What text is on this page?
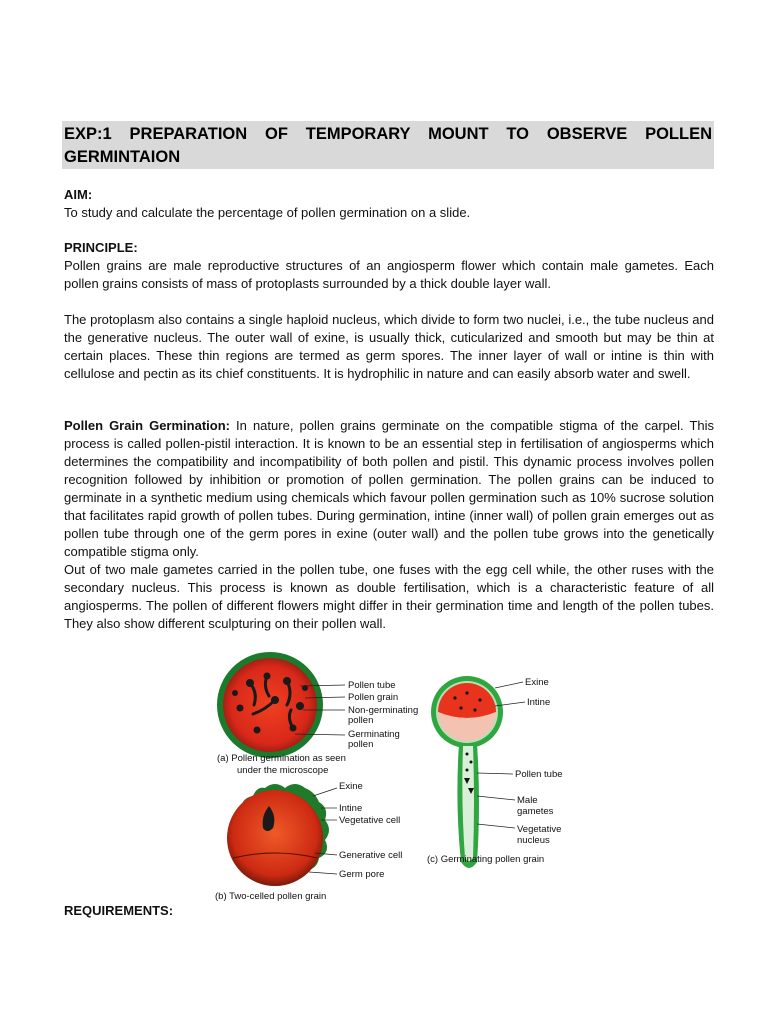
EXP:1 PREPARATION OF TEMPORARY MOUNT TO OBSERVE POLLEN
GERMINTAION
AIM:

To study and calculate the percentage of pollen germination on a slide.

PRINCIPLE:

Pollen grains are male reproductive structures of an angiosperm flower which contain male gametes. Each pollen grains consists of mass of protoplasts surrounded by a thick double layer wall.

The protoplasm also contains a single haploid nucleus, which divide to form two nuclei, i.e., the tube nucleus and the generative nucleus. The outer wall of exine, is usually thick, cuticularized and smooth but may be thin at certain places. These thin regions are termed as germ spores. The inner layer of wall or intine is thin with cellulose and pectin as its chief constituents. It is hydrophilic in nature and can easily absorb water and swell.

Pollen Grain Germination: In nature, pollen grains germinate on the compatible stigma of the carpel. This process is called pollen-pistil interaction. It is known to be an essential step in fertilisation of angiosperms which determines the compatibility and incompatibility of both pollen and pistil. This dynamic process involves pollen recognition followed by inhibition or promotion of pollen germination. The pollen grains can be induced to germinate in a synthetic medium using chemicals which favour pollen germination such as 10% sucrose solution that facilitates rapid growth of pollen tubes. During germination, intine (inner wall) of pollen grain emerges out as pollen tube through one of the germ pores in exine (outer wall) and the pollen tube grows into the genetically compatible stigma only.

Out of two male gametes carried in the pollen tube, one fuses with the egg cell while, the other ruses with the secondary nucleus. This process is known as double fertilisation, which is a characteristic feature of all angiosperms. The pollen of different flowers might differ in their germination time and length of the pollen tubes. They also show different sculpturing on their pollen wall.

Pollen tube
Pollen grain
Non-germinating
pollen
Germinating
pollen
(a) Pollen germination as seen
under the microscope
Exine
Intine
Vegetative cell
Generative cell
Germ pore
(b) Two-celled pollen grain
Exine
Intine
Pollen tube
Male
gametes
Vegetative
nucleus
(c) Germinating pollen grain
REQUIREMENTS:
